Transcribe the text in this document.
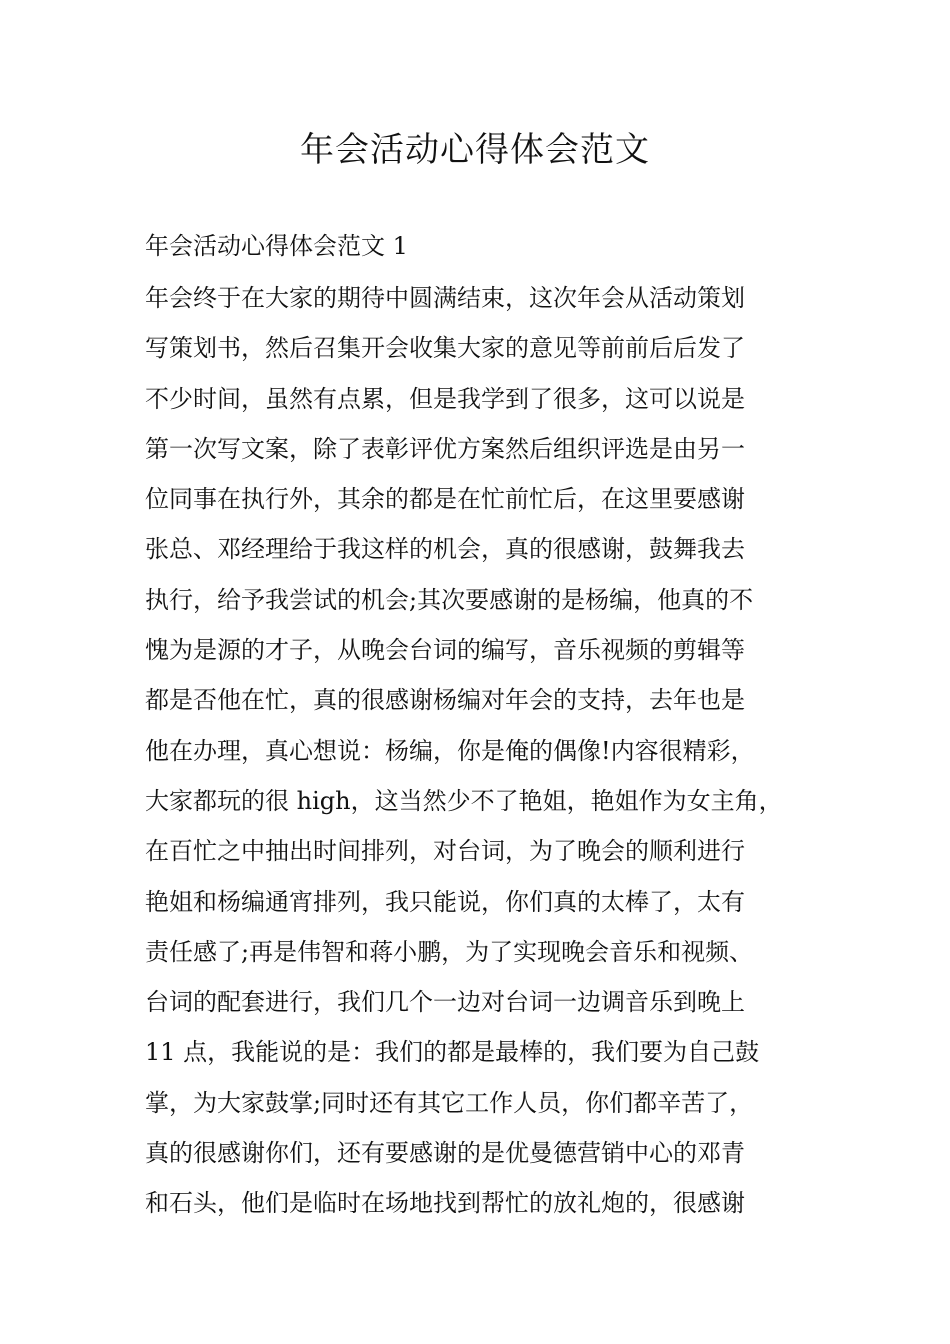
年会活动心得体会范文
年会活动心得体会范文 1
年会终于在大家的期待中圆满结束，这次年会从活动策划
写策划书，然后召集开会收集大家的意见等前前后后发了
不少时间，虽然有点累，但是我学到了很多，这可以说是
第一次写文案，除了表彰评优方案然后组织评选是由另一
位同事在执行外，其余的都是在忙前忙后，在这里要感谢
张总、邓经理给于我这样的机会，真的很感谢，鼓舞我去
执行，给予我尝试的机会;其次要感谢的是杨编，他真的不
愧为是源的才子，从晚会台词的编写，音乐视频的剪辑等
都是否他在忙，真的很感谢杨编对年会的支持，去年也是
他在办理，真心想说：杨编，你是俺的偶像!内容很精彩，
大家都玩的很 high，这当然少不了艳姐，艳姐作为女主角，
在百忙之中抽出时间排列，对台词，为了晚会的顺利进行
艳姐和杨编通宵排列，我只能说，你们真的太棒了，太有
责任感了;再是伟智和蒋小鹏，为了实现晚会音乐和视频、
台词的配套进行，我们几个一边对台词一边调音乐到晚上
11 点，我能说的是：我们的都是最棒的，我们要为自己鼓
掌，为大家鼓掌;同时还有其它工作人员，你们都辛苦了，
真的很感谢你们，还有要感谢的是优曼德营销中心的邓青
和石头，他们是临时在场地找到帮忙的放礼炮的，很感谢
